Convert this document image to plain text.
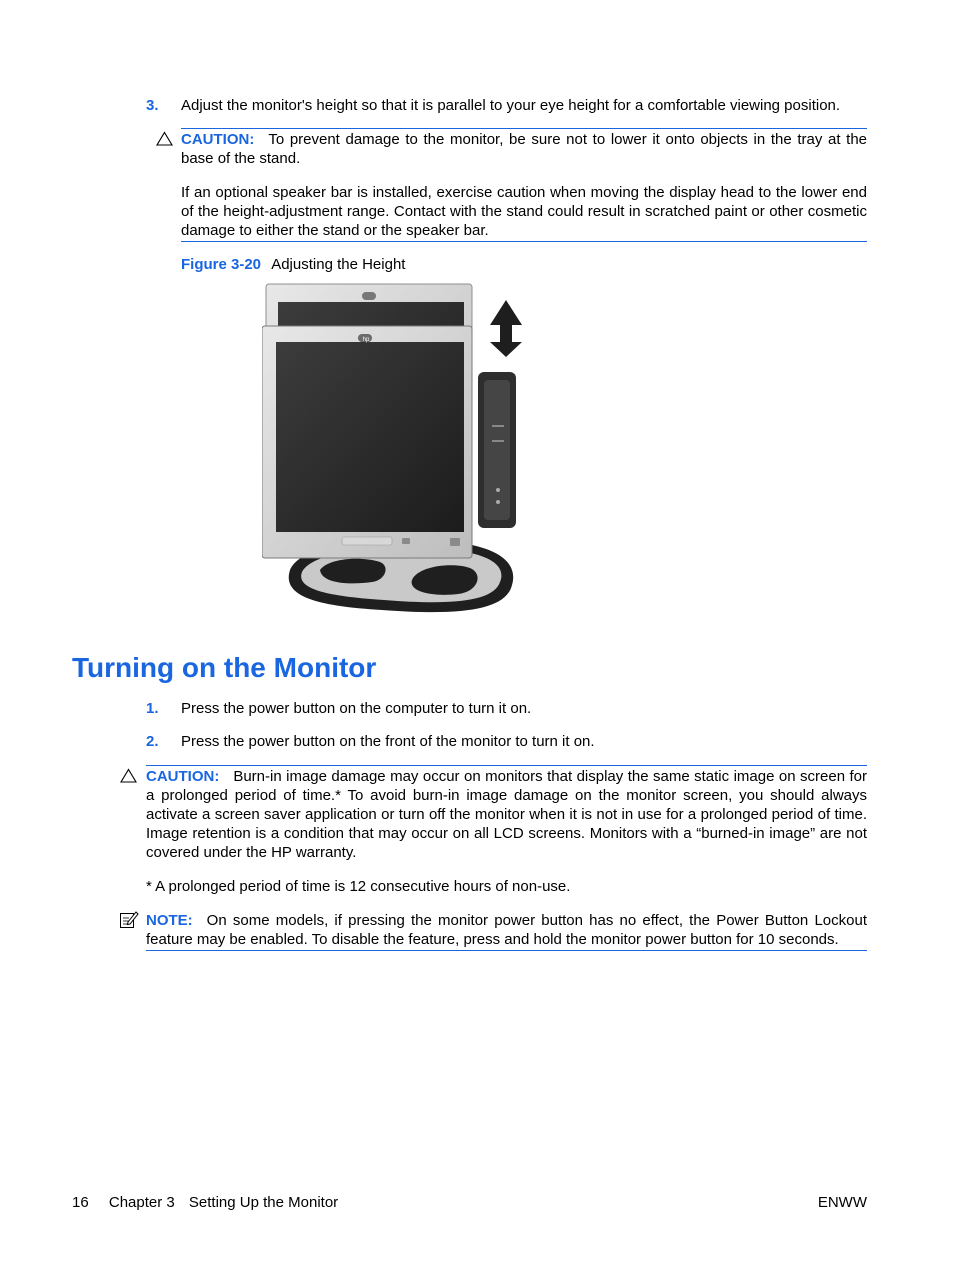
3. Adjust the monitor's height so that it is parallel to your eye height for a comfortable viewing position.
CAUTION: To prevent damage to the monitor, be sure not to lower it onto objects in the tray at the base of the stand.
If an optional speaker bar is installed, exercise caution when moving the display head to the lower end of the height-adjustment range. Contact with the stand could result in scratched paint or other cosmetic damage to either the stand or the speaker bar.
Figure 3-20 Adjusting the Height
hp
Turning on the Monitor
1. Press the power button on the computer to turn it on.
2. Press the power button on the front of the monitor to turn it on.
CAUTION: Burn-in image damage may occur on monitors that display the same static image on screen for a prolonged period of time.* To avoid burn-in image damage on the monitor screen, you should always activate a screen saver application or turn off the monitor when it is not in use for a prolonged period of time. Image retention is a condition that may occur on all LCD screens. Monitors with a “burned-in image” are not covered under the HP warranty.
* A prolonged period of time is 12 consecutive hours of non-use.
NOTE: On some models, if pressing the monitor power button has no effect, the Power Button Lockout feature may be enabled. To disable the feature, press and hold the monitor power button for 10 seconds.
16 Chapter 3 Setting Up the Monitor	ENWW
